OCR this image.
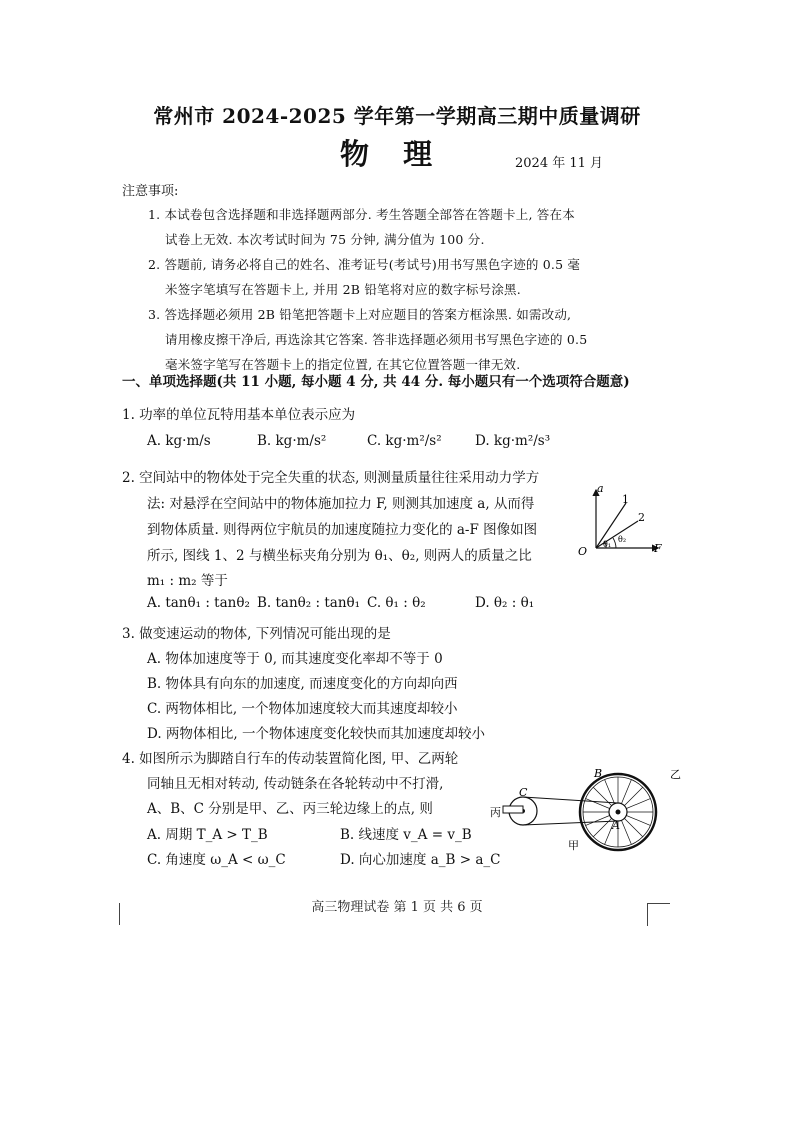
常州市 2024-2025 学年第一学期高三期中质量调研
物 理	2024 年 11 月
注意事项:
1. 本试卷包含选择题和非选择题两部分. 考生答题全部答在答题卡上, 答在本
试卷上无效. 本次考试时间为 75 分钟, 满分值为 100 分.
2. 答题前, 请务必将自己的姓名、准考证号(考试号)用书写黑色字迹的 0.5 毫
米签字笔填写在答题卡上, 并用 2B 铅笔将对应的数字标号涂黑.
3. 答选择题必须用 2B 铅笔把答题卡上对应题目的答案方框涂黑. 如需改动,
请用橡皮擦干净后, 再选涂其它答案. 答非选择题必须用书写黑色字迹的 0.5
毫米签字笔写在答题卡上的指定位置, 在其它位置答题一律无效.
一、单项选择题(共 11 小题, 每小题 4 分, 共 44 分. 每小题只有一个选项符合题意)
1. 功率的单位瓦特用基本单位表示应为
A. kg·m/s	B. kg·m/s²	C. kg·m²/s² D. kg·m²/s³
2. 空间站中的物体处于完全失重的状态, 则测量质量往往采用动力学方
法: 对悬浮在空间站中的物体施加拉力 F, 则测其加速度 a, 从而得
到物体质量. 则得两位宇航员的加速度随拉力变化的 a-F 图像如图
所示, 图线 1、2 与横坐标夹角分别为 θ₁、θ₂, 则两人的质量之比
m₁ : m₂ 等于
A. tanθ₁ : tanθ₂ B. tanθ₂ : tanθ₁ C. θ₁ : θ₂	D. θ₂ : θ₁
a
F
O
1
2
θ₁
θ₂
3. 做变速运动的物体, 下列情况可能出现的是
A. 物体加速度等于 0, 而其速度变化率却不等于 0
B. 物体具有向东的加速度, 而速度变化的方向却向西
C. 两物体相比, 一个物体加速度较大而其速度却较小
D. 两物体相比, 一个物体速度变化较快而其加速度却较小
4. 如图所示为脚踏自行车的传动装置简化图, 甲、乙两轮
同轴且无相对转动, 传动链条在各轮转动中不打滑,
A、B、C 分别是甲、乙、丙三轮边缘上的点, 则
A. 周期 T_A > T_B	B. 线速度 v_A = v_B
C. 角速度 ω_A < ω_C	D. 向心加速度 a_B > a_C
B	乙
C
丙
A
甲
高三物理试卷 第 1 页 共 6 页
